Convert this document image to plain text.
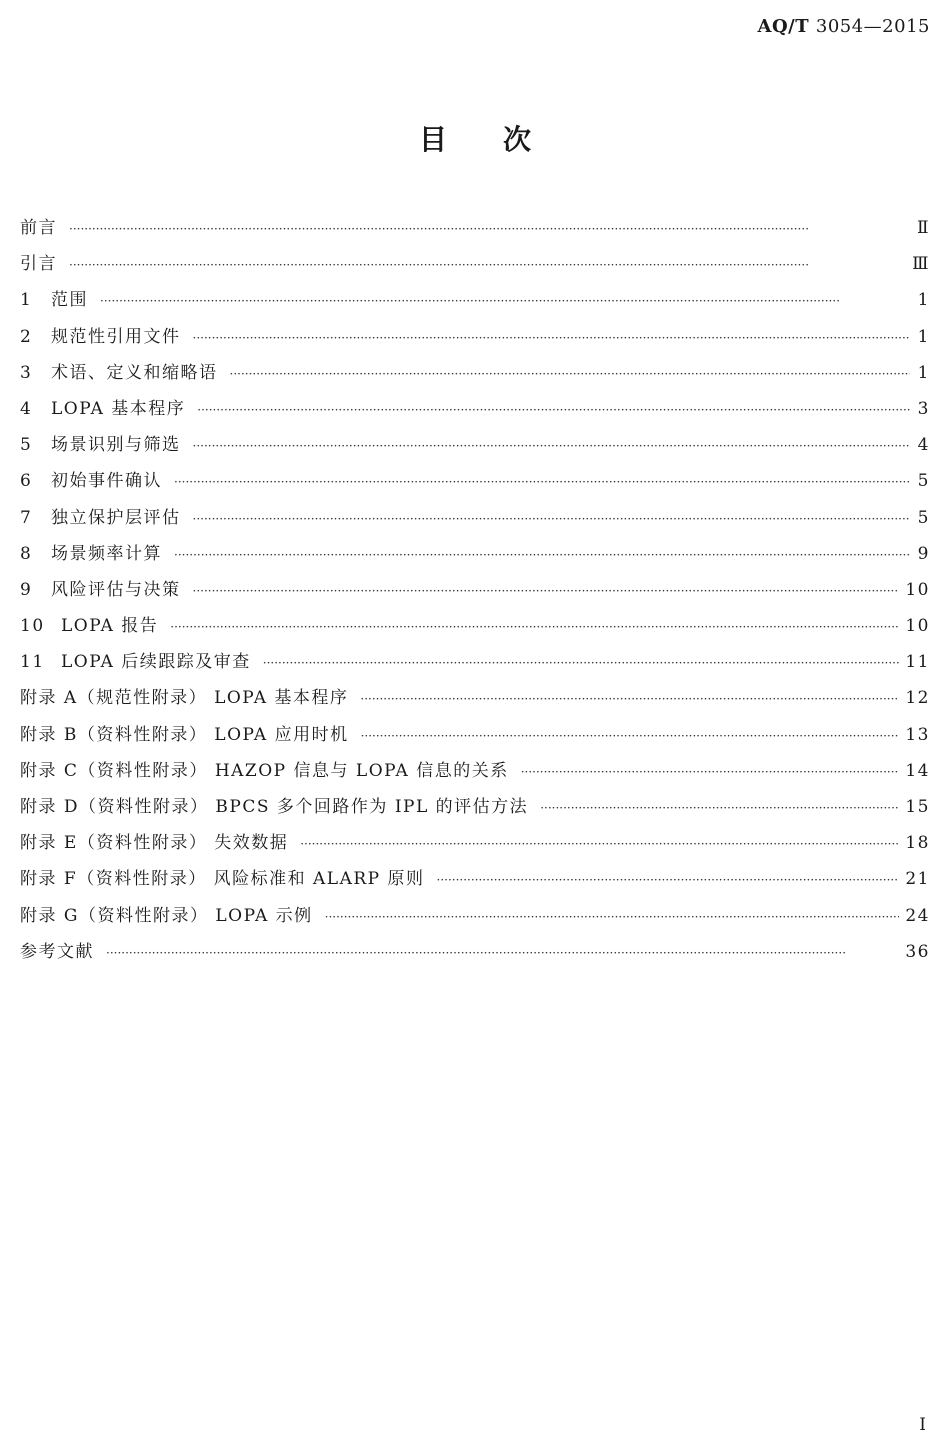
AQ/T 3054—2015
目次
前言 ·····	Ⅱ
引言 ·····	Ⅲ
1	范围 ·····	1
2	规范性引用文件 ·····	1
3	术语、定义和缩略语 ·····	1
4	LOPA 基本程序 ·····	3
5	场景识别与筛选 ·····	4
6	初始事件确认 ·····	5
7	独立保护层评估 ·····	5
8	场景频率计算 ·····	9
9	风险评估与决策 ·····	10
10 LOPA 报告 ·····	10
11 LOPA 后续跟踪及审查 ·····	11
附录 A（规范性附录） LOPA 基本程序 ·····	12
附录 B（资料性附录） LOPA 应用时机 ·····	13
附录 C（资料性附录） HAZOP 信息与 LOPA 信息的关系 ·····	14
附录 D（资料性附录） BPCS 多个回路作为 IPL 的评估方法 ·····	15
附录 E（资料性附录） 失效数据 ·····	18
附录 F（资料性附录） 风险标准和 ALARP 原则 ·····	21
附录 G（资料性附录） LOPA 示例 ·····	24
参考文献 ·····	36
Ⅰ
